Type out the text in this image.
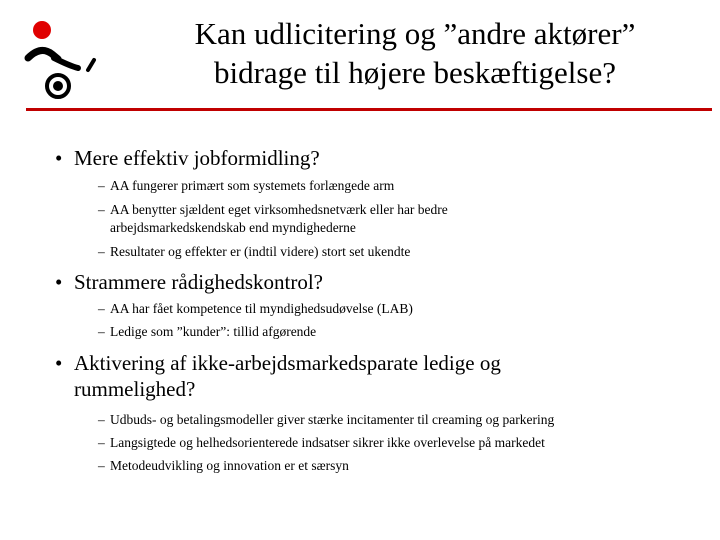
Kan udlicitering og ”andre aktører”
bidrage til højere beskæftigelse?
• Mere effektiv jobformidling?
– AA fungerer primært som systemets forlængede arm
– AA benytter sjældent eget virksomhedsnetværk eller har bedre
arbejdsmarkedskendskab end myndighederne
– Resultater og effekter er (indtil videre) stort set ukendte
• Strammere rådighedskontrol?
– AA har fået kompetence til myndighedsudøvelse (LAB)
– Ledige som ”kunder”: tillid afgørende
• Aktivering af ikke-arbejdsmarkedsparate ledige og
rummelighed?
– Udbuds- og betalingsmodeller giver stærke incitamenter til creaming og parkering
– Langsigtede og helhedsorienterede indsatser sikrer ikke overlevelse på markedet
– Metodeudvikling og innovation er et særsyn
